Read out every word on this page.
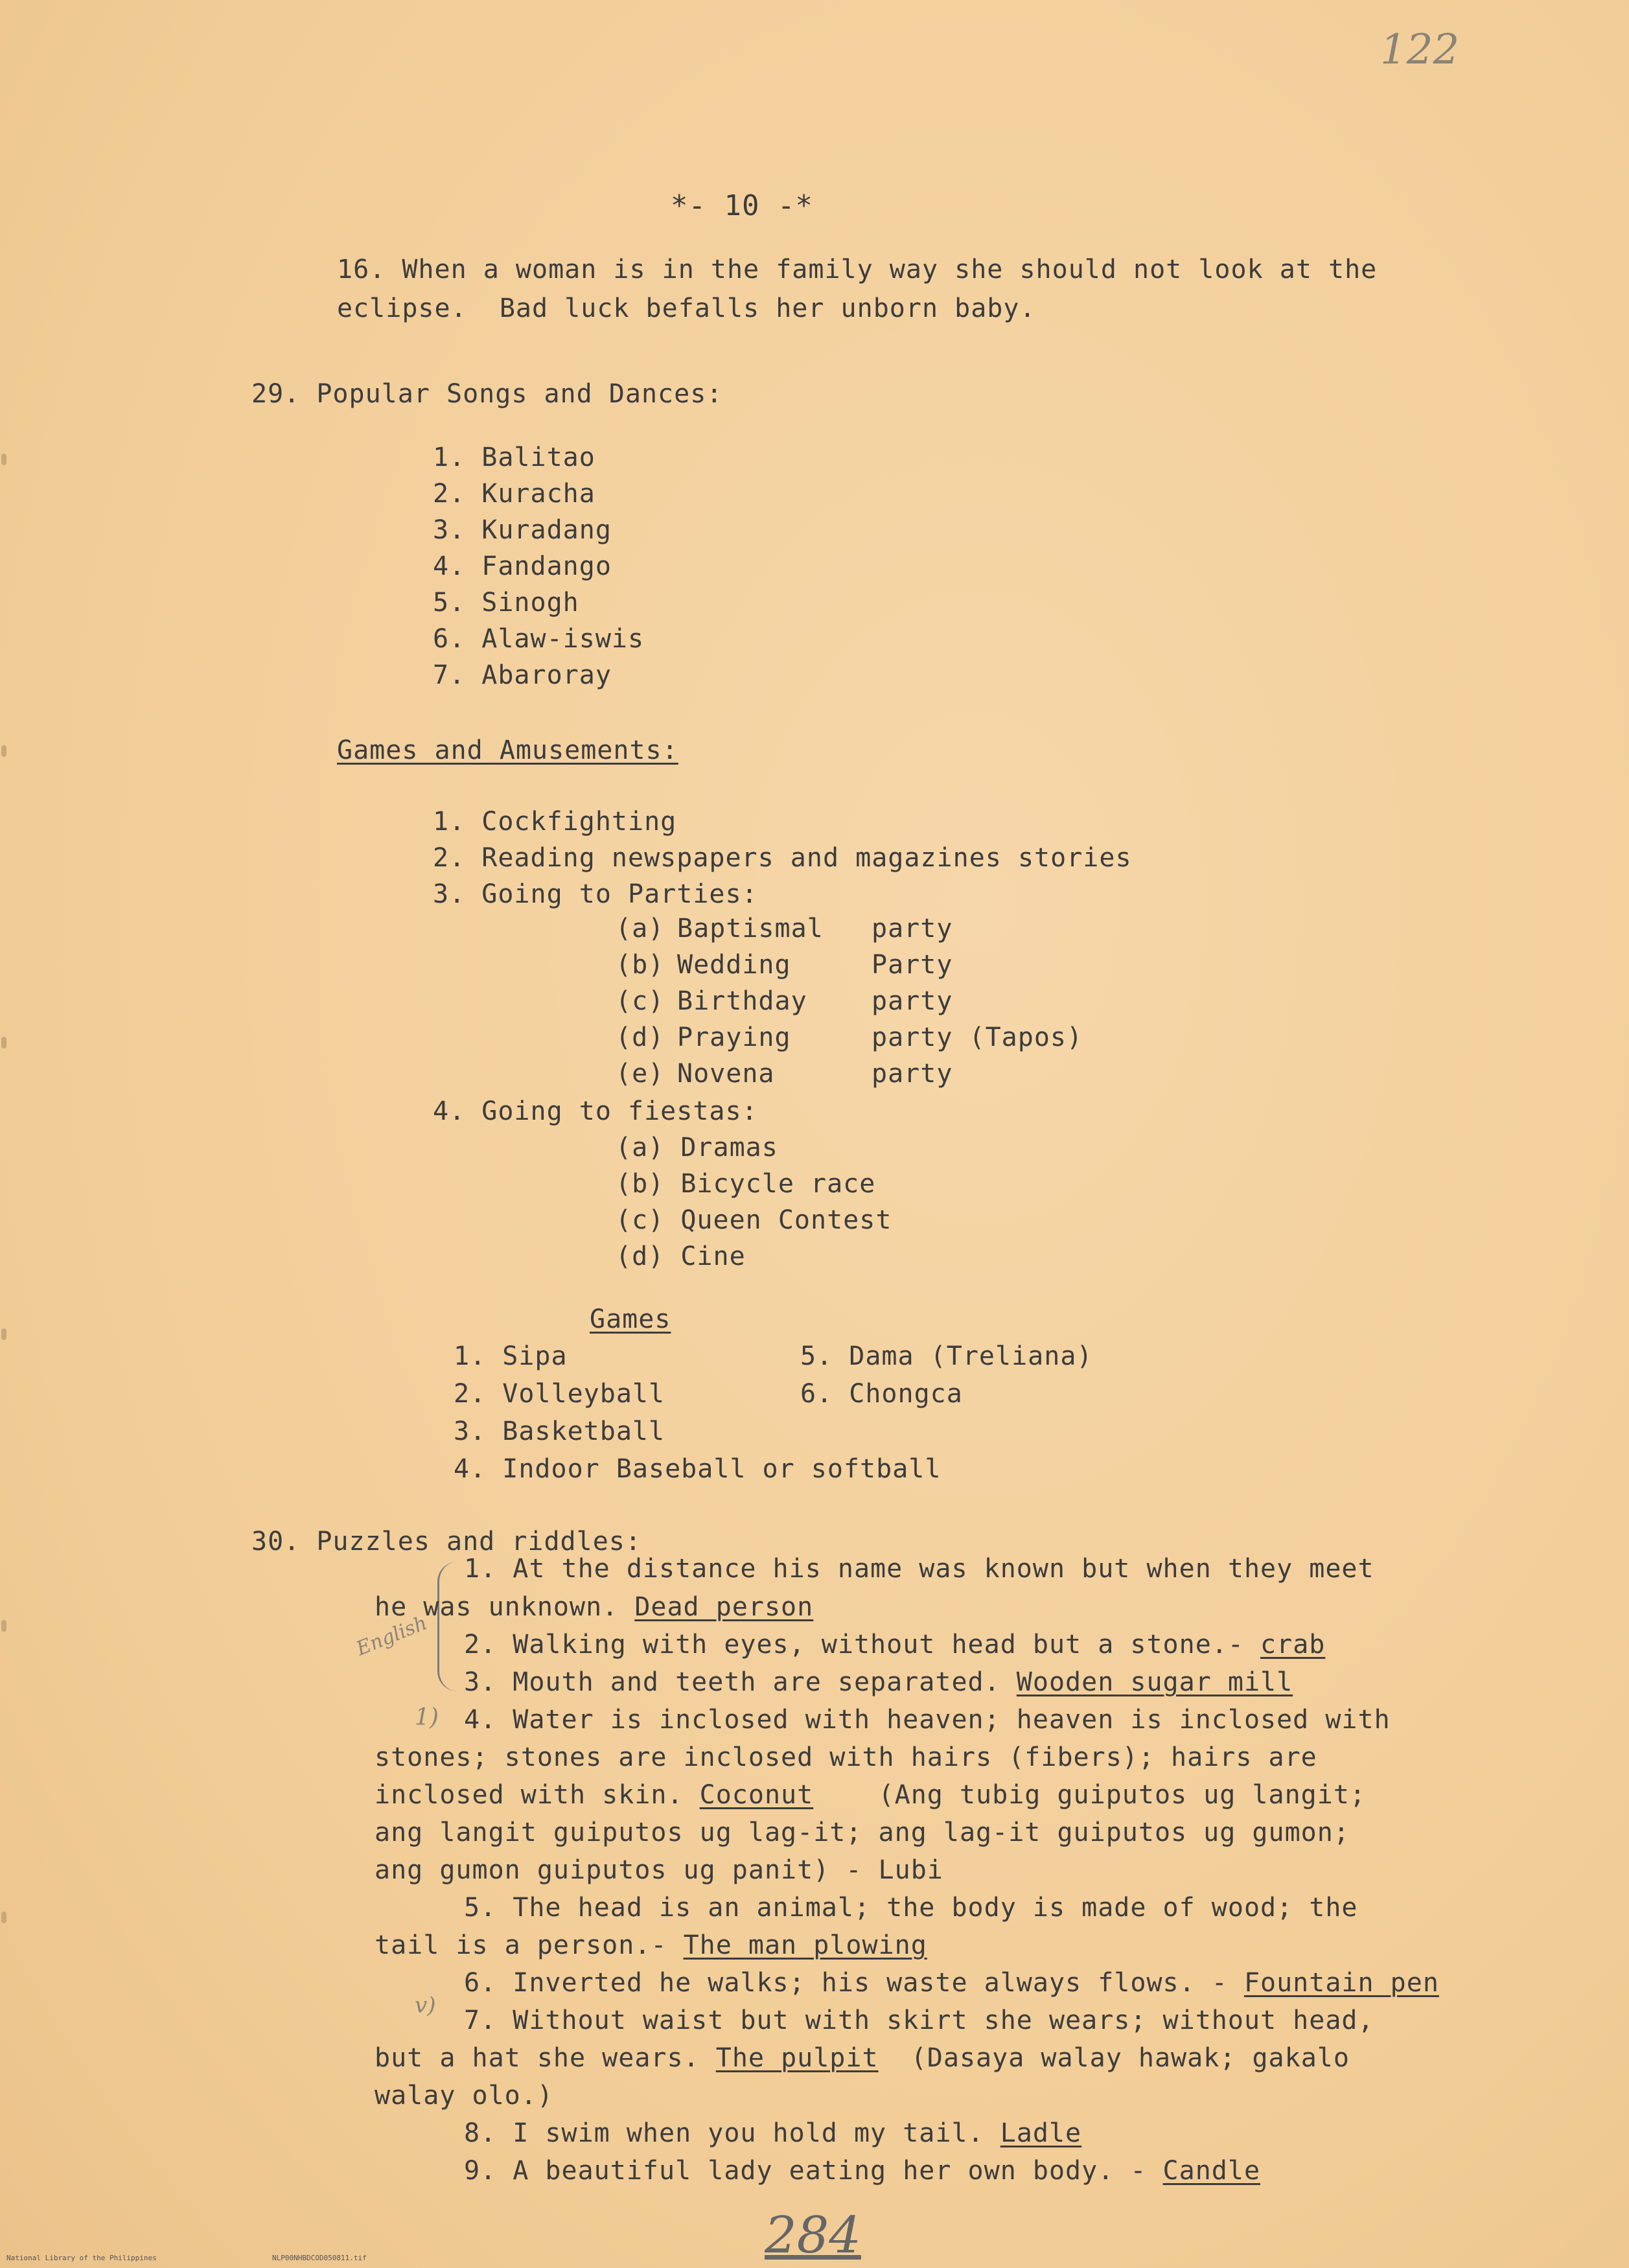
122
*- 10 -*
16. When a woman is in the family way she should not look at the
eclipse.  Bad luck befalls her unborn baby.
29. Popular Songs and Dances:
1. Balitao
2. Kuracha
3. Kuradang
4. Fandango
5. Sinogh
6. Alaw-iswis
7. Abaroray
Games and Amusements:
1. Cockfighting
2. Reading newspapers and magazines stories
3. Going to Parties:
(a) Baptismal party
(b) Wedding	Party
(c) Birthday party
(d) Praying	party (Tapos)
(e) Novena	party
4. Going to fiestas:
(a) Dramas
(b) Bicycle race
(c) Queen Contest
(d) Cine
Games
1. Sipa
2. Volleyball
3. Basketball
4. Indoor Baseball or softball
5. Dama (Treliana)
6. Chongca
30. Puzzles and riddles:
English
1)
v)
1. At the distance his name was known but when they meet
he was unknown. Dead person
2. Walking with eyes, without head but a stone.- crab
3. Mouth and teeth are separated. Wooden sugar mill
4. Water is inclosed with heaven; heaven is inclosed with
stones; stones are inclosed with hairs (fibers); hairs are
inclosed with skin. Coconut    (Ang tubig guiputos ug langit;
ang langit guiputos ug lag-it; ang lag-it guiputos ug gumon;
ang gumon guiputos ug panit) - Lubi
5. The head is an animal; the body is made of wood; the
tail is a person.- The man plowing
6. Inverted he walks; his waste always flows. - Fountain pen
7. Without waist but with skirt she wears; without head,
but a hat she wears. The pulpit  (Dasaya walay hawak; gakalo
walay olo.)
8. I swim when you hold my tail. Ladle
9. A beautiful lady eating her own body. - Candle
284
National Library of the Philippines	NLP00NHBDCOD050811.tif
